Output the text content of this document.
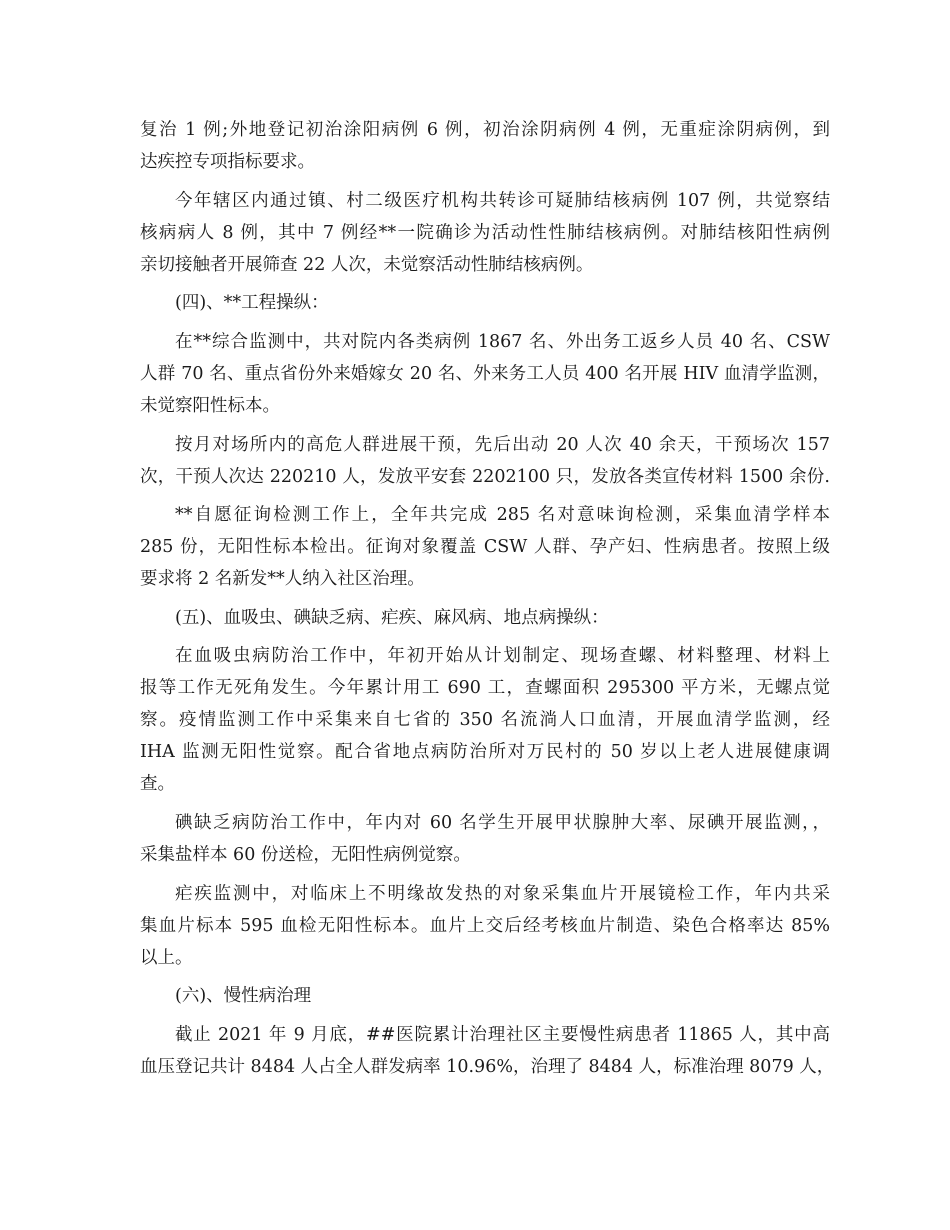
复治 1 例;外地登记初治涂阳病例 6 例，初治涂阴病例 4 例，无重症涂阴病例，到
达疾控专项指标要求。
今年辖区内通过镇、村二级医疗机构共转诊可疑肺结核病例 107 例，共觉察结
核病病人 8 例，其中 7 例经**一院确诊为活动性性肺结核病例。对肺结核阳性病例
亲切接触者开展筛查 22 人次，未觉察活动性肺结核病例。
(四)、**工程操纵：
在**综合监测中，共对院内各类病例 1867 名、外出务工返乡人员 40 名、CSW
人群 70 名、重点省份外来婚嫁女 20 名、外来务工人员 400 名开展 HIV 血清学监测，
未觉察阳性标本。
按月对场所内的高危人群进展干预，先后出动 20 人次 40 余天，干预场次 157
次，干预人次达 220210 人，发放平安套 2202100 只，发放各类宣传材料 1500 余份.
**自愿征询检测工作上，全年共完成 285 名对意味询检测，采集血清学样本
285 份，无阳性标本检出。征询对象覆盖 CSW 人群、孕产妇、性病患者。按照上级
要求将 2 名新发**人纳入社区治理。
(五)、血吸虫、碘缺乏病、疟疾、麻风病、地点病操纵：
在血吸虫病防治工作中，年初开始从计划制定、现场查螺、材料整理、材料上
报等工作无死角发生。今年累计用工 690 工，查螺面积 295300 平方米，无螺点觉
察。疫情监测工作中采集来自七省的 350 名流淌人口血清，开展血清学监测，经
IHA 监测无阳性觉察。配合省地点病防治所对万民村的 50 岁以上老人进展健康调
查。
碘缺乏病防治工作中，年内对 60 名学生开展甲状腺肿大率、尿碘开展监测，，
采集盐样本 60 份送检，无阳性病例觉察。
疟疾监测中，对临床上不明缘故发热的对象采集血片开展镜检工作，年内共采
集血片标本 595 血检无阳性标本。血片上交后经考核血片制造、染色合格率达 85%
以上。
(六)、慢性病治理
截止 2021 年 9 月底，##医院累计治理社区主要慢性病患者 11865 人，其中高
血压登记共计 8484 人占全人群发病率 10.96%，治理了 8484 人，标准治理 8079 人，
